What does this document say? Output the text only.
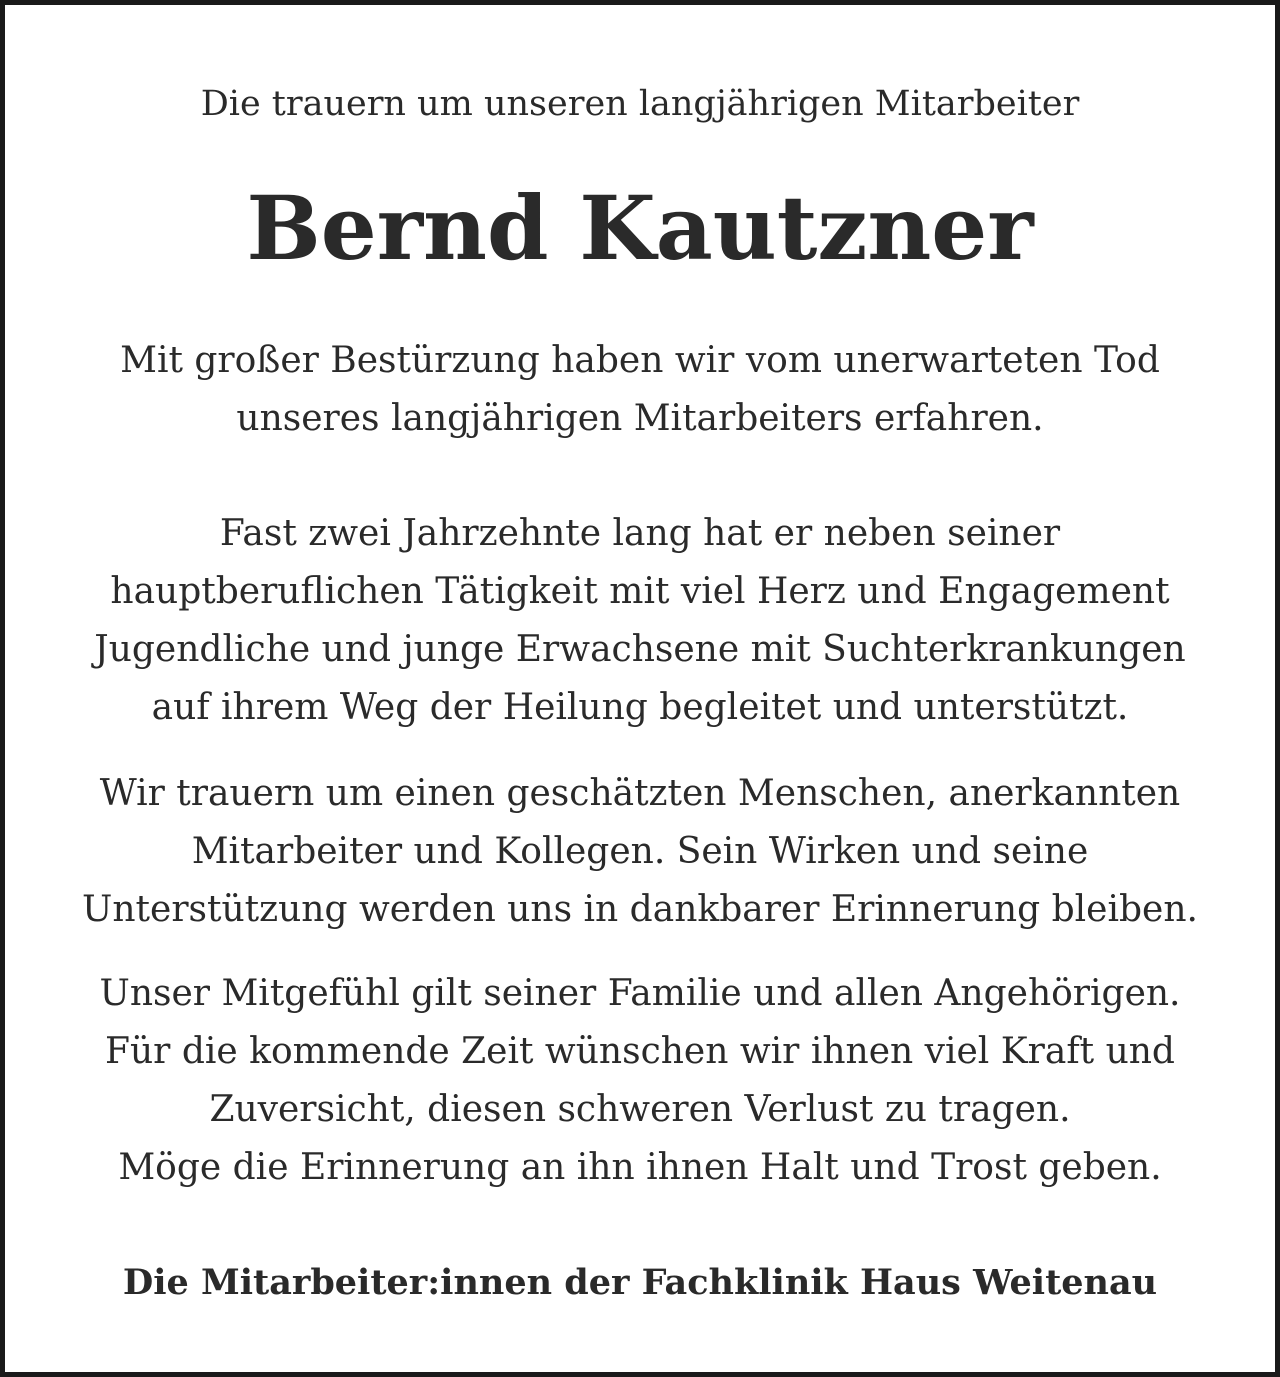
Die trauern um unseren langjährigen Mitarbeiter
Bernd Kautzner
Mit großer Bestürzung haben wir vom unerwarteten Tod
unseres langjährigen Mitarbeiters erfahren.
Fast zwei Jahrzehnte lang hat er neben seiner
hauptberuflichen Tätigkeit mit viel Herz und Engagement
Jugendliche und junge Erwachsene mit Suchterkrankungen
auf ihrem Weg der Heilung begleitet und unterstützt.
Wir trauern um einen geschätzten Menschen, anerkannten
Mitarbeiter und Kollegen. Sein Wirken und seine
Unterstützung werden uns in dankbarer Erinnerung bleiben.
Unser Mitgefühl gilt seiner Familie und allen Angehörigen.
Für die kommende Zeit wünschen wir ihnen viel Kraft und
Zuversicht, diesen schweren Verlust zu tragen.
Möge die Erinnerung an ihn ihnen Halt und Trost geben.
Die Mitarbeiter:innen der Fachklinik Haus Weitenau
